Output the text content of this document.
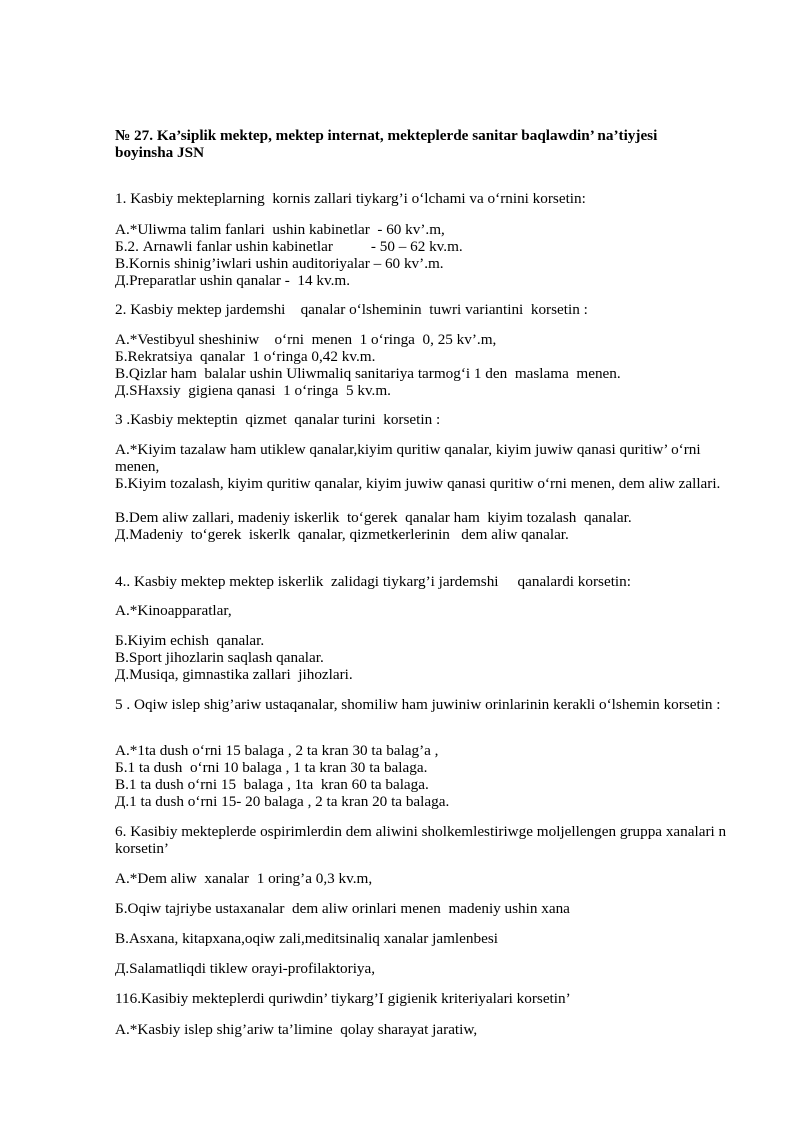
№ 27. Ka’siplik mektep, mektep internat, mekteplerde sanitar baqlawdin’ na’tiyjesi boyinsha JSN

1. Kasbiy mekteplarning  kornis zallari tiykarg’i o‘lchami va o‘rnini korsetin:

A.*Uliwma talim fanlari  ushin kabinetlar  - 60 kv’.m,

Б.2. Arnawli fanlar ushin kabinetlar          - 50 – 62 kv.m.

B.Kornis shinig’iwlari ushin auditoriyalar – 60 kv’.m.

Д.Preparatlar ushin qanalar -  14 kv.m.

2. Kasbiy mektep jardemshi    qanalar o‘lsheminin  tuwri variantini  korsetin :

A.*Vestibyul sheshiniw    o‘rni  menen  1 o‘ringa  0, 25 kv’.m,

Б.Rekratsiya  qanalar  1 o‘ringa 0,42 kv.m.

B.Qizlar ham  balalar ushin Uliwmaliq sanitariya tarmog‘i 1 den  maslama  menen.

Д.SHaxsiy  gigiena qanasi  1 o‘ringa  5 kv.m.

3 .Kasbiy mekteptin  qizmet  qanalar turini  korsetin :

A.*Kiyim tazalaw ham utiklew qanalar,kiyim quritiw qanalar, kiyim juwiw qanasi quritiw’ o‘rni menen,

Б.Kiyim tozalash, kiyim quritiw qanalar, kiyim juwiw qanasi quritiw o‘rni menen, dem aliw zallari.

B.Dem aliw zallari, madeniy iskerlik  to‘gerek  qanalar ham  kiyim tozalash  qanalar.

Д.Madeniy  to‘gerek  iskerlk  qanalar, qizmetkerlerinin   dem aliw qanalar.

4.. Kasbiy mektep mektep iskerlik  zalidagi tiykarg’i jardemshi     qanalardi korsetin:

A.*Kinoapparatlar,

Б.Kiyim echish  qanalar.

B.Sport jihozlarin saqlash qanalar.

Д.Musiqa, gimnastika zallari  jihozlari.

5 . Oqiw islep shig’ariw ustaqanalar, shomiliw ham juwiniw orinlarinin kerakli o‘lshemin korsetin :

A.*1ta dush o‘rni 15 balaga , 2 ta kran 30 ta balag’a ,

Б.1 ta dush  o‘rni 10 balaga , 1 ta kran 30 ta balaga.

B.1 ta dush o‘rni 15  balaga , 1ta  kran 60 ta balaga.

Д.1 ta dush o‘rni 15- 20 balaga , 2 ta kran 20 ta balaga.

6. Kasibiy mekteplerde ospirimlerdin dem aliwini sholkemlestiriwge moljellengen gruppa xanalari n korsetin’

A.*Dem aliw  xanalar  1 oring’a 0,3 kv.m,

Б.Oqiw tajriybe ustaxanalar  dem aliw orinlari menen  madeniy ushin xana

B.Asxana, kitapxana,oqiw zali,meditsinaliq xanalar jamlenbesi

Д.Salamatliqdi tiklew orayi-profilaktoriya,

116.Kasibiy mekteplerdi quriwdin’ tiykarg’I gigienik kriteriyalari korsetin’

A.*Kasbiy islep shig’ariw ta’limine  qolay sharayat jaratiw,
